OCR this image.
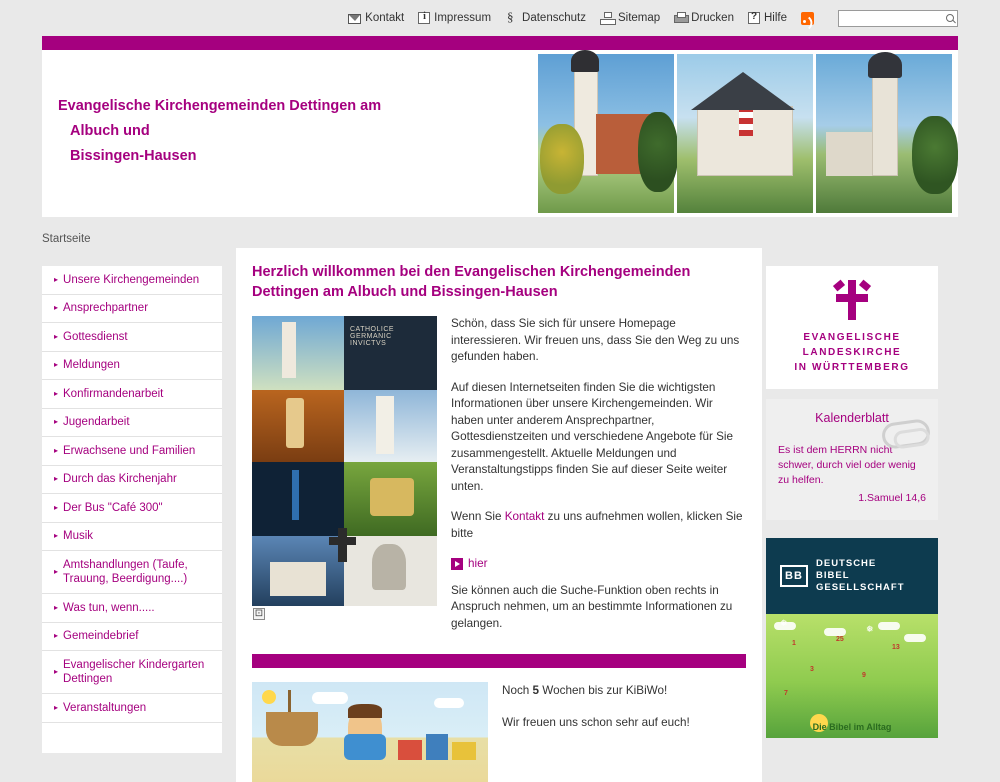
Kontakt i	Impressum §	Datenschutz	Sitemap	Drucken ?	Hilfe
Evangelische Kirchengemeinden Dettingen am
Albuch und
Bissingen-Hausen
Startseite
▸ Unsere Kirchengemeinden
▸ Ansprechpartner
▸ Gottesdienst
▸ Meldungen
▸ Konfirmandenarbeit
▸ Jugendarbeit
▸ Erwachsene und Familien
▸ Durch das Kirchenjahr
▸ Der Bus "Café 300"
▸ Musik
▸
Amtshandlungen (Taufe, Trauung, Beerdigung....)
▸ Was tun, wenn.....
▸ Gemeindebrief
▸
Evangelischer Kindergarten Dettingen
▸ Veranstaltungen
Herzlich willkommen bei den Evangelischen Kirchengemeinden Dettingen am Albuch und Bissingen-Hausen
CATHOLICE GERMANIC INVICTVS
⊡

Schön, dass Sie sich für unsere Homepage interessieren. Wir freuen uns, dass Sie den Weg zu uns gefunden haben.

Auf diesen Internetseiten finden Sie die wichtigsten Informationen über unsere Kirchengemeinden. Wir haben unter anderem Ansprechpartner, Gottesdienstzeiten und verschiedene Angebote für Sie zusammengestellt. Aktuelle Meldungen und Veranstaltungstipps finden Sie auf dieser Seite weiter unten.

Wenn Sie Kontakt zu uns aufnehmen wollen, klicken Sie bitte

hier

Sie können auch die Suche-Funktion oben rechts in Anspruch nehmen, um an bestimmte Informationen zu gelangen.

Noch 5 Wochen bis zur KiBiWo!

Wir freuen uns schon sehr auf euch!

EVANGELISCHE LANDESKIRCHE
IN WÜRTTEMBERG
Kalenderblatt
Es ist dem HERRN nicht schwer, durch viel oder wenig zu helfen.
1.Samuel 14,6
BB
DEUTSCHE
BIBEL
GESELLSCHAFT
❅
❅
1
25
13
3
9
7
Die Bibel im Alltag
